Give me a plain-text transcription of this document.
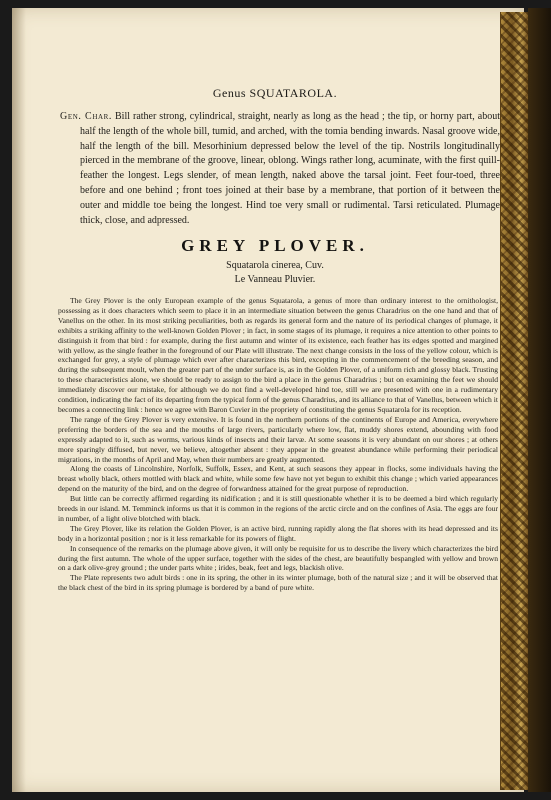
Genus SQUATAROLA.
Gen. Char. Bill rather strong, cylindrical, straight, nearly as long as the head ; the tip, or horny part, about half the length of the whole bill, tumid, and arched, with the tomia bending inwards. Nasal groove wide, half the length of the bill. Mesorhinium depressed below the level of the tip. Nostrils longitudinally pierced in the membrane of the groove, linear, oblong. Wings rather long, acuminate, with the first quill-feather the longest. Legs slender, of mean length, naked above the tarsal joint. Feet four-toed, three before and one behind ; front toes joined at their base by a membrane, that portion of it between the outer and middle toe being the longest. Hind toe very small or rudimental. Tarsi reticulated. Plumage thick, close, and adpressed.
GREY PLOVER.
Squatarola cinerea, Cuv.
Le Vanneau Pluvier.

The Grey Plover is the only European example of the genus Squatarola, a genus of more than ordinary interest to the ornithologist, possessing as it does characters which seem to place it in an intermediate situation between the genus Charadrius on the one hand and that of Vanellus on the other. In its most striking peculiarities, both as regards its general form and the nature of its periodical changes of plumage, it exhibits a striking affinity to the well-known Golden Plover ; in fact, in some stages of its plumage, it requires a nice attention to other points to distinguish it from that bird : for example, during the first autumn and winter of its existence, each feather has its edges spotted and margined with yellow, as the single feather in the foreground of our Plate will illustrate. The next change consists in the loss of the yellow colour, which is exchanged for grey, a style of plumage which ever after characterizes this bird, excepting in the commencement of the breeding season, and during the subsequent moult, when the greater part of the under surface is, as in the Golden Plover, of a uniform rich and glossy black. Trusting to these characteristics alone, we should be ready to assign to the bird a place in the genus Charadrius ; but on examining the feet we should immediately discover our mistake, for although we do not find a well-developed hind toe, still we are presented with one in a rudimentary condition, indicating the fact of its departing from the typical form of the genus Charadrius, and its alliance to that of Vanellus, between which it becomes a connecting link : hence we agree with Baron Cuvier in the propriety of constituting the genus Squatarola for its reception.

The range of the Grey Plover is very extensive. It is found in the northern portions of the continents of Europe and America, everywhere preferring the borders of the sea and the mouths of large rivers, particularly where low, flat, muddy shores extend, abounding with food expressly adapted to it, such as worms, various kinds of insects and their larvæ. At some seasons it is very abundant on our shores ; at others more sparingly diffused, but never, we believe, altogether absent : they appear in the greatest abundance while performing their periodical migrations, in the months of April and May, when their numbers are greatly augmented.

Along the coasts of Lincolnshire, Norfolk, Suffolk, Essex, and Kent, at such seasons they appear in flocks, some individuals having the breast wholly black, others mottled with black and white, while some few have not yet begun to exhibit this change ; which varied appearances depend on the maturity of the bird, and on the degree of forwardness attained for the great purpose of reproduction.

But little can be correctly affirmed regarding its nidification ; and it is still questionable whether it is to be deemed a bird which regularly breeds in our island. M. Temminck informs us that it is common in the regions of the arctic circle and on the confines of Asia. The eggs are four in number, of a light olive blotched with black.

The Grey Plover, like its relation the Golden Plover, is an active bird, running rapidly along the flat shores with its head depressed and its body in a horizontal position ; nor is it less remarkable for its powers of flight.

In consequence of the remarks on the plumage above given, it will only be requisite for us to describe the livery which characterizes the bird during the first autumn. The whole of the upper surface, together with the sides of the chest, are beautifully bespangled with yellow and brown on a dark olive-grey ground ; the under parts white ; irides, beak, feet and legs, blackish olive.

The Plate represents two adult birds : one in its spring, the other in its winter plumage, both of the natural size ; and it will be observed that the black chest of the bird in its spring plumage is bordered by a band of pure white.
